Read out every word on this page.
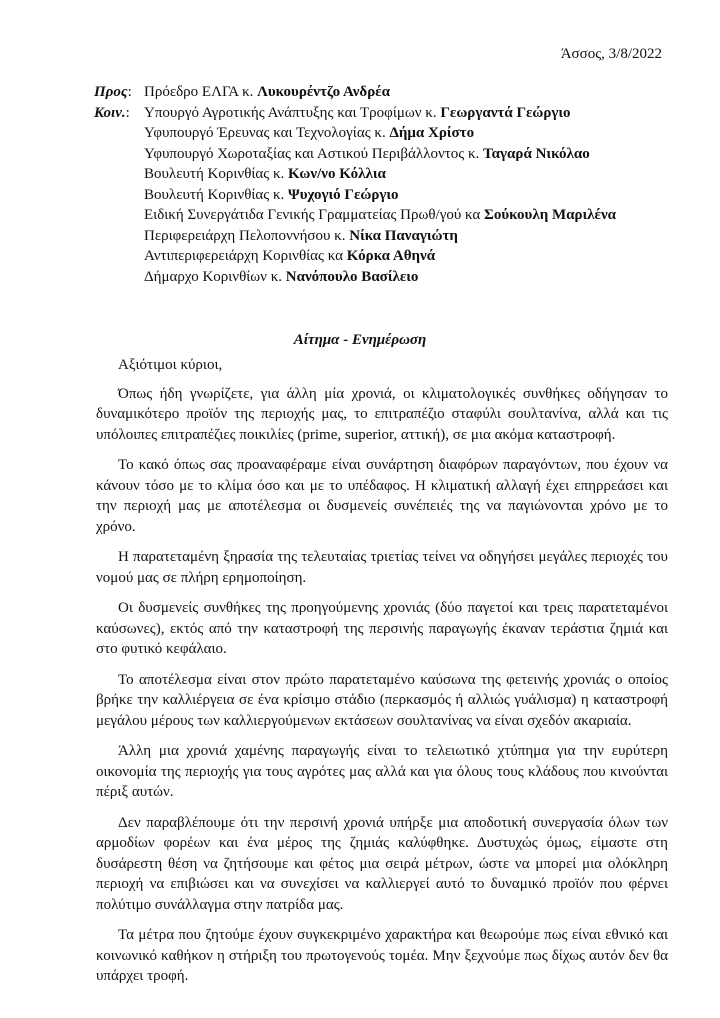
Άσσος, 3/8/2022
Προς: Πρόεδρο ΕΛΓΑ κ. Λυκουρέντζο Ανδρέα
Κοιν.: Υπουργό Αγροτικής Ανάπτυξης και Τροφίμων κ. Γεωργαντά Γεώργιο
Υφυπουργό Έρευνας και Τεχνολογίας κ. Δήμα Χρίστο
Υφυπουργό Χωροταξίας και Αστικού Περιβάλλοντος κ. Ταγαρά Νικόλαο
Βουλευτή Κορινθίας κ. Κων/νο Κόλλια
Βουλευτή Κορινθίας κ. Ψυχογιό Γεώργιο
Ειδική Συνεργάτιδα Γενικής Γραμματείας Πρωθ/γού κα Σούκουλη Μαριλένα
Περιφερειάρχη Πελοποννήσου κ. Νίκα Παναγιώτη
Αντιπεριφερειάρχη Κορινθίας κα Κόρκα Αθηνά
Δήμαρχο Κορινθίων κ. Νανόπουλο Βασίλειο
Αίτημα - Ενημέρωση
Αξιότιμοι κύριοι,

Όπως ήδη γνωρίζετε, για άλλη μία χρονιά, οι κλιματολογικές συνθήκες οδήγησαν το δυναμικότερο προϊόν της περιοχής μας, το επιτραπέζιο σταφύλι σουλτανίνα, αλλά και τις υπόλοιπες επιτραπέζιες ποικιλίες (prime, superior, αττική), σε μια ακόμα καταστροφή.

Το κακό όπως σας προαναφέραμε είναι συνάρτηση διαφόρων παραγόντων, που έχουν να κάνουν τόσο με το κλίμα όσο και με το υπέδαφος. Η κλιματική αλλαγή έχει επηρρεάσει και την περιοχή μας με αποτέλεσμα οι δυσμενείς συνέπειές της να παγιώνονται χρόνο με το χρόνο.

Η παρατεταμένη ξηρασία της τελευταίας τριετίας τείνει να οδηγήσει μεγάλες περιοχές του νομού μας σε πλήρη ερημοποίηση.

Οι δυσμενείς συνθήκες της προηγούμενης χρονιάς (δύο παγετοί και τρεις παρατεταμένοι καύσωνες), εκτός από την καταστροφή της περσινής παραγωγής έκαναν τεράστια ζημιά και στο φυτικό κεφάλαιο.

Το αποτέλεσμα είναι στον πρώτο παρατεταμένο καύσωνα της φετεινής χρονιάς ο οποίος βρήκε την καλλιέργεια σε ένα κρίσιμο στάδιο (περκασμός ή αλλιώς γυάλισμα) η καταστροφή μεγάλου μέρους των καλλιεργούμενων εκτάσεων σουλτανίνας να είναι σχεδόν ακαριαία.

Άλλη μια χρονιά χαμένης παραγωγής είναι το τελειωτικό χτύπημα για την ευρύτερη οικονομία της περιοχής για τους αγρότες μας αλλά και για όλους τους κλάδους που κινούνται πέριξ αυτών.

Δεν παραβλέπουμε ότι την περσινή χρονιά υπήρξε μια αποδοτική συνεργασία όλων των αρμοδίων φορέων και ένα μέρος της ζημιάς καλύφθηκε. Δυστυχώς όμως, είμαστε στη δυσάρεστη θέση να ζητήσουμε και φέτος μια σειρά μέτρων, ώστε να μπορεί μια ολόκληρη περιοχή να επιβιώσει και να συνεχίσει να καλλιεργεί αυτό το δυναμικό προϊόν που φέρνει πολύτιμο συνάλλαγμα στην πατρίδα μας.

Τα μέτρα που ζητούμε έχουν συγκεκριμένο χαρακτήρα και θεωρούμε πως είναι εθνικό και κοινωνικό καθήκον η στήριξη του πρωτογενούς τομέα. Μην ξεχνούμε πως δίχως αυτόν δεν θα υπάρχει τροφή.
